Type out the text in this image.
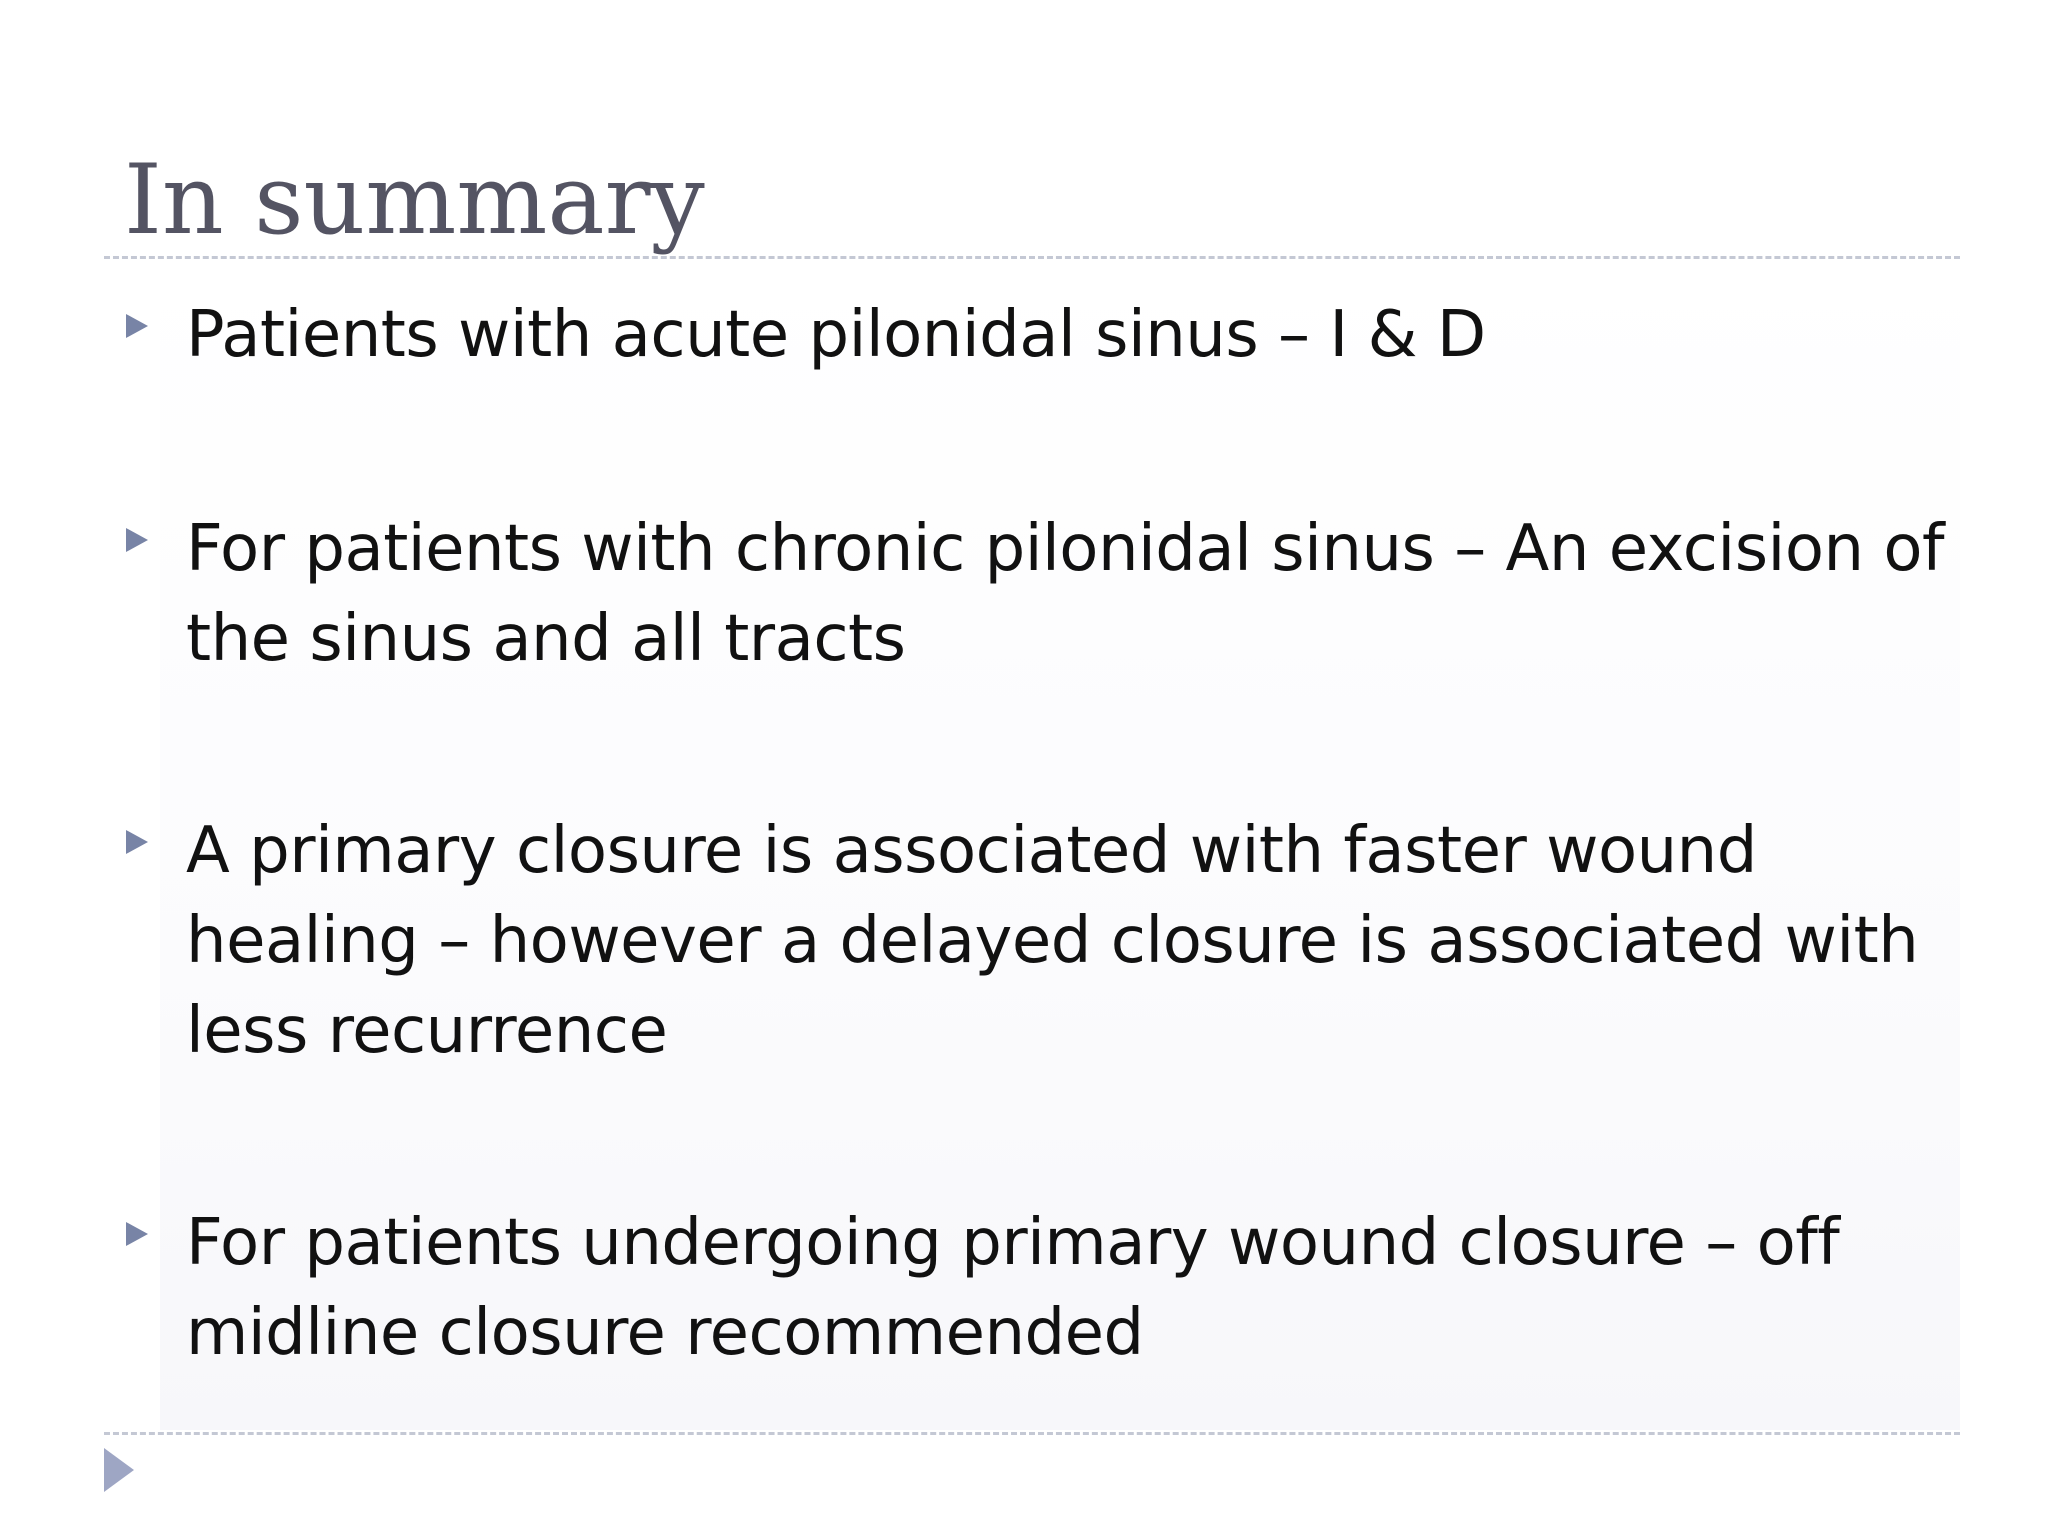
In summary
Patients with acute pilonidal sinus – I & D
For patients with chronic pilonidal sinus – An excision of the sinus and all tracts
A primary closure is associated with faster wound healing – however a delayed closure is associated with less recurrence
For patients undergoing primary wound closure – off midline closure recommended
